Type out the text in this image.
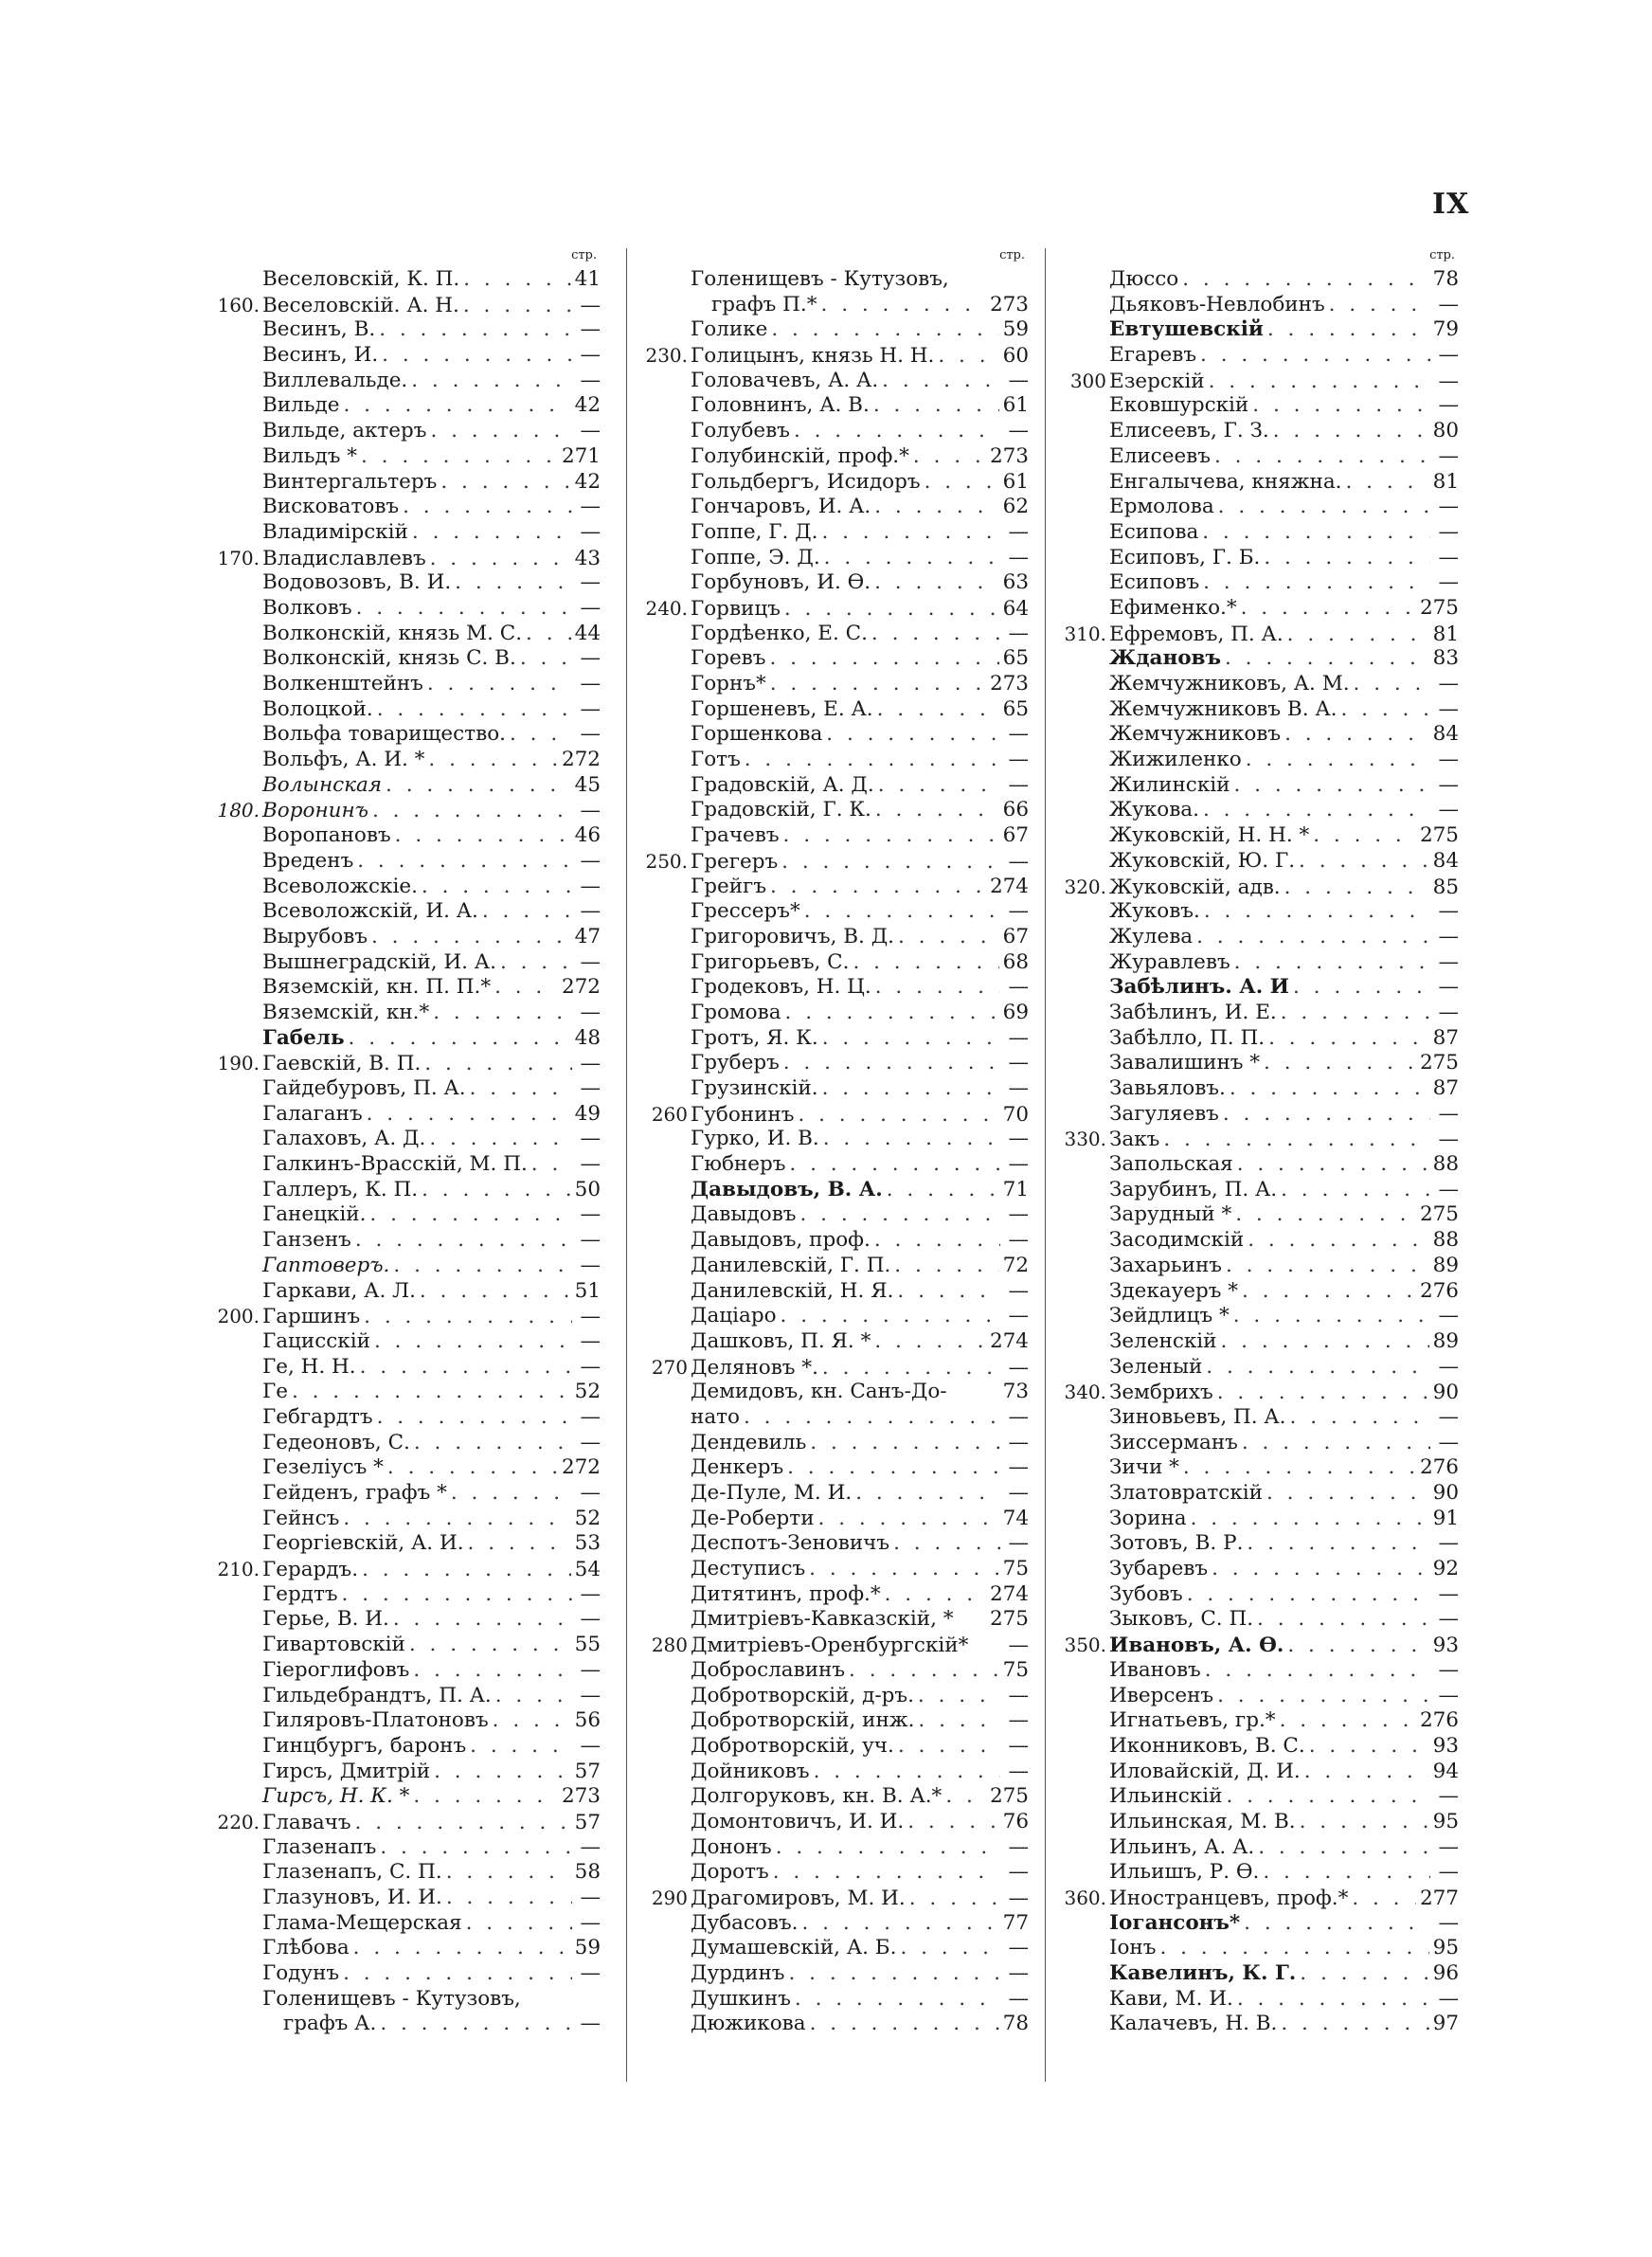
IX
стр.
Веселовскій, К. П. . . .	41
160. Веселовскій. А. Н. . . .	—
Весинъ, В. . . .	—
Весинъ, И. . . .	—
Виллевальде. . . .	—
Вильде . . .	42
Вильде, актеръ . . .	—
Вильдъ * . . .	271
Винтергальтеръ . . .	42
Висковатовъ . . .	—
Владимірскій . . .	—
170. Владиславлевъ . . .	43
Водовозовъ, В. И. . . .	—
Волковъ . . .	—
Волконскій, князь М. С. . . .	44
Волконскій, князь С. В. . . .	—
Волкенштейнъ . . .	—
Волоцкой. . . .	—
Вольфа товарищество. . . .	—
Вольфъ, А. И. * . . .	272
Волынская . . .	45
180. Воронинъ . . .	—
Воропановъ . . .	46
Вреденъ . . .	—
Всеволожскіе. . . .	—
Всеволожскій, И. А. . . .	—
Вырубовъ . . .	47
Вышнеградскій, И. А. . . .	—
Вяземскій, кн. П. П.* . . .	272
Вяземскій, кн.* . . .	—
Габель . . .	48
190. Гаевскій, В. П. . . .	—
Гайдебуровъ, П. А. . . .	—
Галаганъ . . .	49
Галаховъ, А. Д. . . .	—
Галкинъ-Врасскій, М. П. . . .	—
Галлеръ, К. П. . . .	50
Ганецкій. . . .	—
Ганзенъ . . .	—
Гаптоверъ. . . .	—
Гаркави, А. Л. . . .	51
200. Гаршинъ . . .	—
Гацисскій . . .	—
Ге, Н. Н. . . .	—
Ге . . .	52
Гебгардтъ . . .	—
Гедеоновъ, С. . . .	—
Гезеліусъ * . . .	272
Гейденъ, графъ * . . .	—
Гейнсъ . . .	52
Георгіевскій, А. И. . . .	53
210. Герардъ. . . .	54
Гердтъ . . .	—
Герье, В. И. . . .	—
Гивартовскій . . .	55
Гіероглифовъ . . .	—
Гильдебрандтъ, П. А. . . .	—
Гиляровъ-Платоновъ . . .	56
Гинцбургъ, баронъ . . .	—
Гирсъ, Дмитрій . . .	57
Гирсъ, Н. К. * . . .	273
220. Главачъ . . .	57
Глазенапъ . . .	—
Глазенапъ, С. П. . . .	58
Глазуновъ, И. И. . . .	—
Глама-Мещерская . . .	—
Глѣбова . . .	59
Годунъ . . .	—
Голенищевъ - Кутузовъ,
графъ А. . . .	—
стр.
Голенищевъ - Кутузовъ,
графъ П.* . . .	273
Голике . . .	59
230. Голицынъ, князь Н. Н. . . .	60
Головачевъ, А. А. . . .	—
Головнинъ, А. В. . . .	61
Голубевъ . . .	—
Голубинскій, проф.* . . .	273
Гольдбергъ, Исидоръ . . .	61
Гончаровъ, И. А. . . .	62
Гоппе, Г. Д. . . .	—
Гоппе, Э. Д. . . .	—
Горбуновъ, И. Ѳ. . . .	63
240. Горвицъ . . .	64
Гордѣенко, Е. С. . . .	—
Горевъ . . .	65
Горнъ* . . .	273
Горшеневъ, Е. А. . . .	65
Горшенкова . . .	—
Готъ . . .	—
Градовскій, А. Д. . . .	—
Градовскій, Г. К. . . .	66
Грачевъ . . .	67
250. Грегеръ . . .	—
Грейгъ . . .	274
Грессеръ* . . .	—
Григоровичъ, В. Д. . . .	67
Григорьевъ, С. . . .	68
Гродековъ, Н. Ц. . . .	—
Громова . . .	69
Гротъ, Я. К. . . .	—
Груберъ . . .	—
Грузинскій. . . .	—
260 Губонинъ . . .	70
Гурко, И. В. . . .	—
Гюбнеръ . . .	—
Давыдовъ, В. А. . . .	71
Давыдовъ . . .	—
Давыдовъ, проф. . . .	—
Данилевскій, Г. П. . . .	72
Данилевскій, Н. Я. . . .	—
Даціаро . . .	—
Дашковъ, П. Я. * . . .	274
270 Деляновъ *. . . .	—
Демидовъ, кн. Санъ-До-	73
нато . . .	—
Дендевиль . . .	—
Денкеръ . . .	—
Де-Пуле, М. И. . . .	—
Де-Роберти . . .	74
Деспотъ-Зеновичъ . . .	—
Деступисъ . . .	75
Дитятинъ, проф.* . . .	274
Дмитріевъ-Кавказскій, * 275
280 Дмитріевъ-Оренбургскій* —
Доброславинъ . . .	75
Добротворскій, д-ръ. . . .	—
Добротворскій, инж. . . .	—
Добротворскій, уч. . . .	—
Дойниковъ . . .	—
Долгоруковъ, кн. В. А.* . . . 275
Домонтовичъ, И. И. . . .	76
Дононъ . . .	—
Доротъ . . .	—
290 Драгомировъ, М. И. . . .	—
Дубасовъ. . . .	77
Думашевскій, А. Б. . . .	—
Дурдинъ . . .	—
Душкинъ . . .	—
Дюжикова . . .	78
стр.
Дюссо . . .	78
Дьяковъ-Невлобинъ . . .	—
Евтушевскій . . .	79
Егаревъ . . .	—
300 Езерскій . . .	—
Ековшурскій . . .	—
Елисеевъ, Г. З. . . .	80
Елисеевъ . . .	—
Енгалычева, княжна. . . .	81
Ермолова . . .	—
Есипова . . .	—
Есиповъ, Г. Б. . . .	—
Есиповъ . . .	—
Ефименко.* . . .	275
310. Ефремовъ, П. А. . . .	81
Ждановъ . . .	83
Жемчужниковъ, А. М. . . .	—
Жемчужниковъ В. А. . . .	—
Жемчужниковъ . . .	84
Жижиленко . . .	—
Жилинскій . . .	—
Жукова. . . .	—
Жуковскій, Н. Н. * . . .	275
Жуковскій, Ю. Г. . . .	84
320. Жуковскій, адв. . . .	85
Жуковъ. . . .	—
Жулева . . .	—
Журавлевъ . . .	—
Забѣлинъ. А. И . . .	—
Забѣлинъ, И. Е. . . .	—
Забѣлло, П. П. . . .	87
Завалишинъ * . . .	275
Завьяловъ. . . .	87
Загуляевъ . . .	—
330. Закъ . . .	—
Запольская . . .	88
Зарубинъ, П. А. . . .	—
Зарудный * . . .	275
Засодимскій . . .	88
Захарьинъ . . .	89
Здекауеръ * . . .	276
Зейдлицъ * . . .	—
Зеленскій . . .	89
Зеленый . . .	—
340. Зембрихъ . . .	90
Зиновьевъ, П. А. . . .	—
Зиссерманъ . . .	—
Зичи * . . .	276
Златовратскій . . .	90
Зорина . . .	91
Зотовъ, В. Р. . . .	—
Зубаревъ . . .	92
Зубовъ . . .	—
Зыковъ, С. П. . . .	—
350. Ивановъ, А. Ѳ. . . .	93
Ивановъ . . .	—
Иверсенъ . . .	—
Игнатьевъ, гр.* . . .	276
Иконниковъ, В. С. . . .	93
Иловайскій, Д. И. . . .	94
Ильинскій . . .	—
Ильинская, М. В. . . .	95
Ильинъ, А. А. . . .	—
Ильишъ, Р. Ѳ. . . .	—
360. Иностранцевъ, проф.* . . .	277
Іогансонъ* . . .	—
Іонъ . . .	95
Кавелинъ, К. Г. . . .	96
Кави, М. И. . . .	—
Калачевъ, Н. В. . . .	97
